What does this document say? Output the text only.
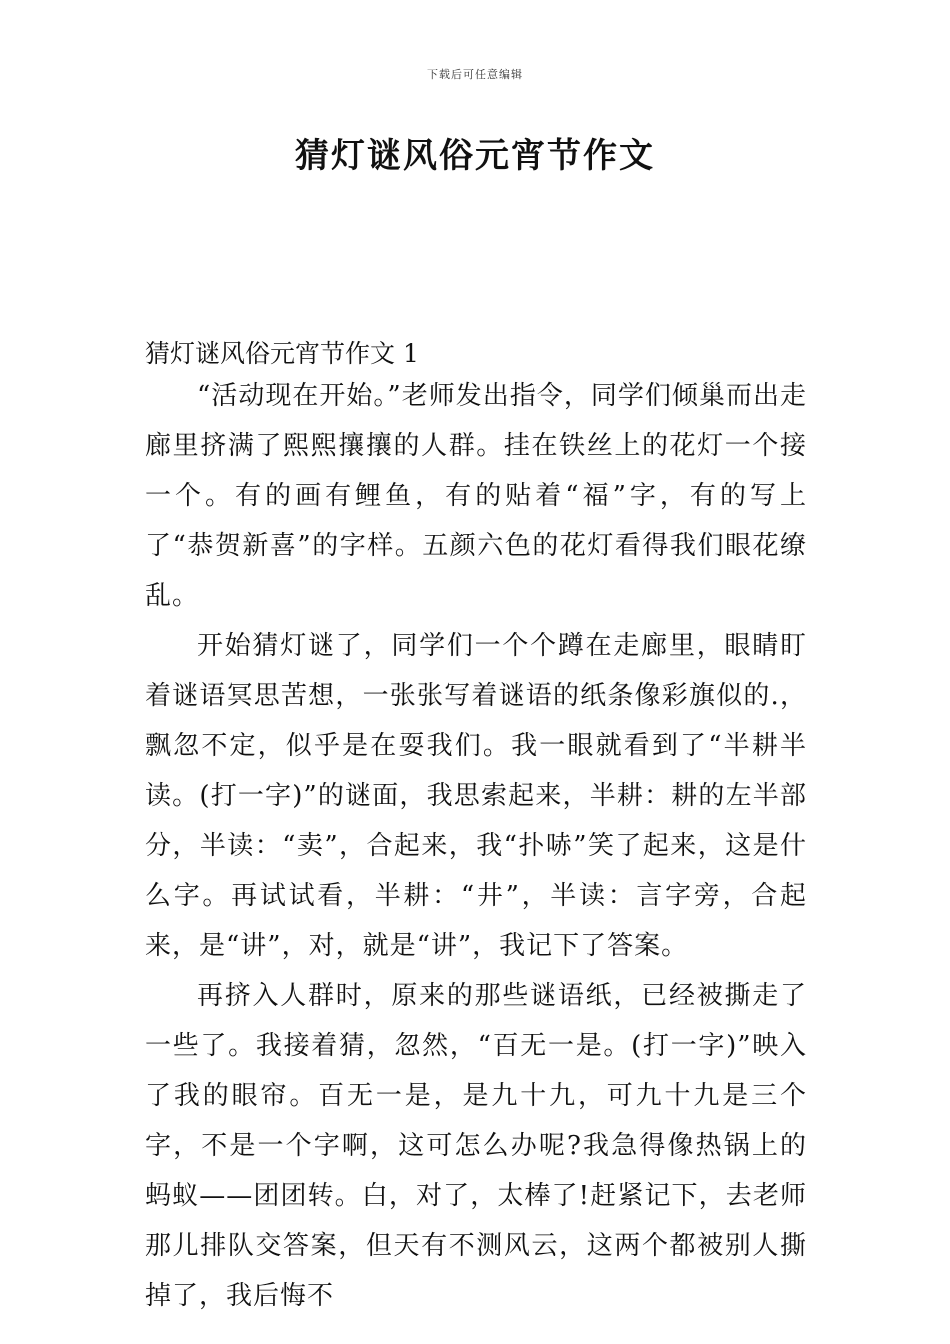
下载后可任意编辑
猜灯谜风俗元宵节作文
猜灯谜风俗元宵节作文 1

“活动现在开始。”老师发出指令，同学们倾巢而出走廊里挤满了熙熙攘攘的人群。挂在铁丝上的花灯一个接一个。有的画有鲤鱼，有的贴着“福”字，有的写上了“恭贺新喜”的字样。五颜六色的花灯看得我们眼花缭乱。

开始猜灯谜了，同学们一个个蹲在走廊里，眼睛盯着谜语冥思苦想，一张张写着谜语的纸条像彩旗似的.，飘忽不定，似乎是在耍我们。我一眼就看到了“半耕半读。(打一字)”的谜面，我思索起来，半耕：耕的左半部分，半读：“卖”，合起来，我“扑哧”笑了起来，这是什么字。再试试看，半耕：“井”，半读：言字旁，合起来，是“讲”，对，就是“讲”，我记下了答案。

再挤入人群时，原来的那些谜语纸，已经被撕走了一些了。我接着猜，忽然，“百无一是。(打一字)”映入了我的眼帘。百无一是，是九十九，可九十九是三个字，不是一个字啊，这可怎么办呢?我急得像热锅上的蚂蚁——团团转。白，对了，太棒了!赶紧记下，去老师那儿排队交答案，但天有不测风云，这两个都被别人撕掉了，我后悔不
